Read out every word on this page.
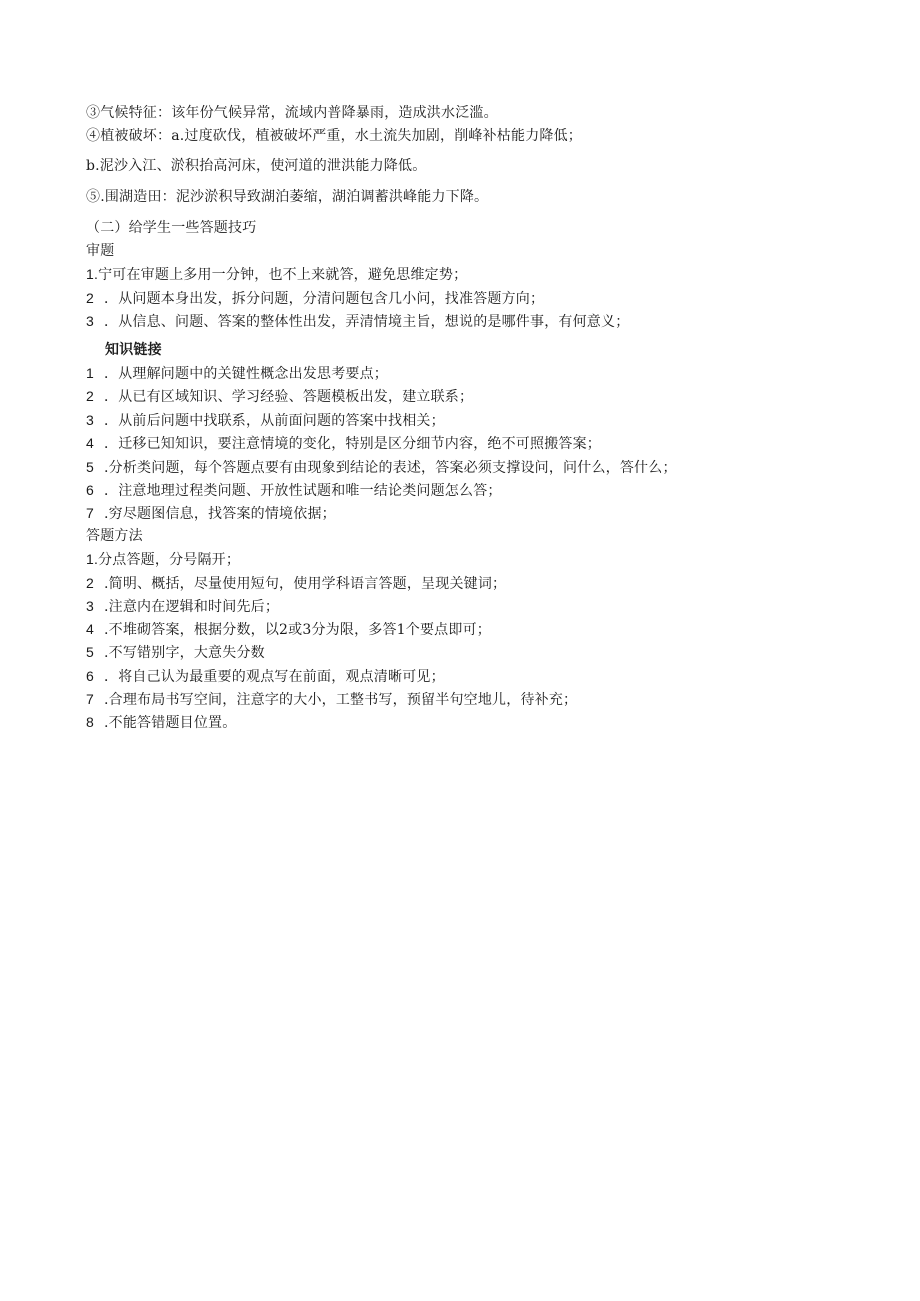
③气候特征：该年份气候异常，流域内普降暴雨，造成洪水泛滥。
④植被破坏：a.过度砍伐，植被破坏严重，水土流失加剧，削峰补枯能力降低；
b.泥沙入江、淤积抬高河床，使河道的泄洪能力降低。
⑤.围湖造田：泥沙淤积导致湖泊萎缩，湖泊调蓄洪峰能力下降。
（二）给学生一些答题技巧
审题
1.宁可在审题上多用一分钟，也不上来就答，避免思维定势；
2 ．从问题本身出发，拆分问题，分清问题包含几小问，找准答题方向；
3 ．从信息、问题、答案的整体性出发，弄清情境主旨，想说的是哪件事，有何意义；
知识链接
1 ．从理解问题中的关键性概念出发思考要点；
2 ．从已有区域知识、学习经验、答题模板出发，建立联系；
3 ．从前后问题中找联系，从前面问题的答案中找相关；
4 ．迁移已知知识，要注意情境的变化，特别是区分细节内容，绝不可照搬答案；
5 .分析类问题，每个答题点要有由现象到结论的表述，答案必须支撑设问，问什么，答什么；
6 ．注意地理过程类问题、开放性试题和唯一结论类问题怎么答；
7 .穷尽题图信息，找答案的情境依据；
答题方法
1.分点答题，分号隔开；
2 .简明、概括，尽量使用短句，使用学科语言答题，呈现关键词；
3 .注意内在逻辑和时间先后；
4 .不堆砌答案，根据分数，以2或3分为限，多答1个要点即可；
5 .不写错别字，大意失分数
6 ．将自己认为最重要的观点写在前面，观点清晰可见；
7 .合理布局书写空间，注意字的大小，工整书写，预留半句空地儿，待补充；
8 .不能答错题目位置。
